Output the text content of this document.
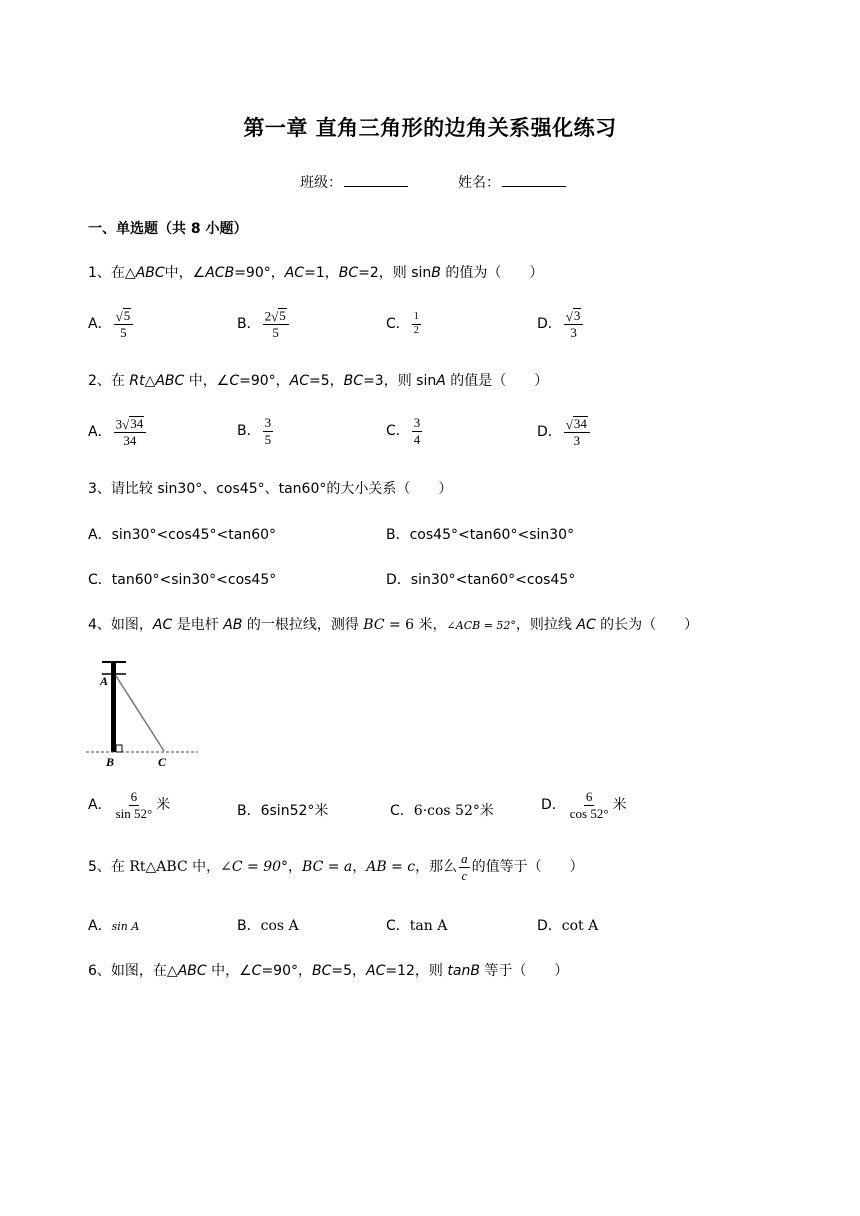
第一章 直角三角形的边角关系强化练习
班级：	姓名：
一、单选题（共 8 小题）
1、在△ABC中，∠ACB=90°，AC=1，BC=2，则 sinB 的值为（　　）
A． $\frac{√ 5}{5}$	B． $\frac{2 √ 5}{5}$	C． $\frac{1}{2}$	D． $\frac{√ 3}{3}$
2、在 Rt△ABC 中，∠C=90°，AC=5，BC=3，则 sinA 的值是（　　）
A． $\frac{3 √ 34}{34}$	B． $\frac{3}{5}$	C． $\frac{3}{4}$	D． $\frac{√ 34}{3}$
3、请比较 sin30°、cos45°、tan60°的大小关系（　　）
A．sin30°<cos45°<tan60°	B．cos45°<tan60°<sin30°
C．tan60°<sin30°<cos45°	D．sin30°<tan60°<cos45°
4、如图，AC 是电杆 AB 的一根拉线，测得 BC = 6 米，∠ACB = 52°，则拉线 AC 的长为（　　）
A
B	C
A． $\frac{6}{\sin 52^\circ}$ 米	B．6sin52°米	C．6·cos 52°米	D． $\frac{6}{\cos 52^\circ}$ 米
5、在 Rt△ABC 中，∠C = 90°，BC = a，AB = c，那么 $\frac{a}{c}$ 的值等于（　　）
A．sin A	B．cos A	C．tan A	D．cot A
6、如图，在△ABC 中，∠C=90°，BC=5，AC=12，则 tanB 等于（　　）
